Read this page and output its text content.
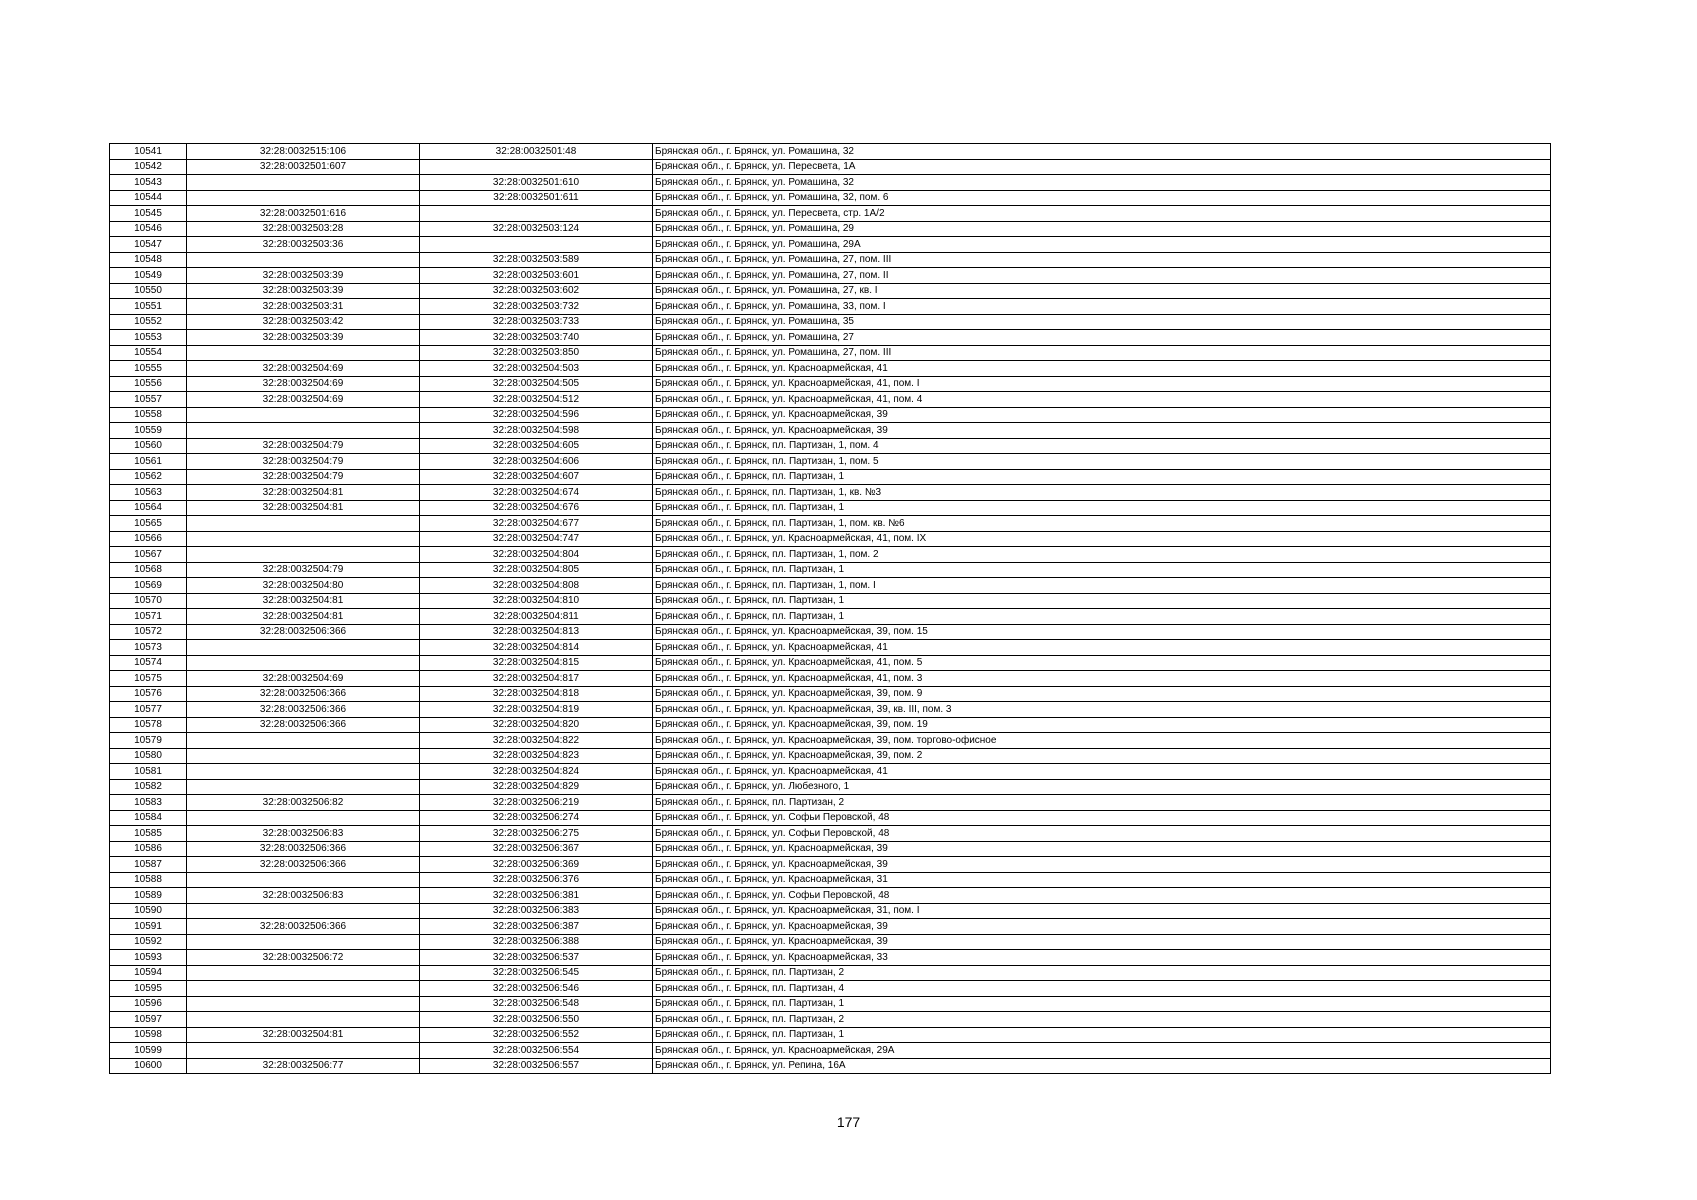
10541	32:28:0032515:106	32:28:0032501:48	Брянская обл., г. Брянск, ул. Ромашина, 32
10542	32:28:0032501:607		Брянская обл., г. Брянск, ул. Пересвета, 1А
10543		32:28:0032501:610	Брянская обл., г. Брянск, ул. Ромашина, 32
10544		32:28:0032501:611	Брянская обл., г. Брянск, ул. Ромашина, 32, пом. 6
10545	32:28:0032501:616		Брянская обл., г. Брянск, ул. Пересвета, стр. 1А/2
10546	32:28:0032503:28	32:28:0032503:124	Брянская обл., г. Брянск, ул. Ромашина, 29
10547	32:28:0032503:36		Брянская обл., г. Брянск, ул. Ромашина, 29А
10548		32:28:0032503:589	Брянская обл., г. Брянск, ул. Ромашина, 27, пом. III
10549	32:28:0032503:39	32:28:0032503:601	Брянская обл., г. Брянск, ул. Ромашина, 27, пом. II
10550	32:28:0032503:39	32:28:0032503:602	Брянская обл., г. Брянск, ул. Ромашина, 27, кв. I
10551	32:28:0032503:31	32:28:0032503:732	Брянская обл., г. Брянск, ул. Ромашина, 33, пом. I
10552	32:28:0032503:42	32:28:0032503:733	Брянская обл., г. Брянск, ул. Ромашина, 35
10553	32:28:0032503:39	32:28:0032503:740	Брянская обл., г. Брянск, ул. Ромашина, 27
10554		32:28:0032503:850	Брянская обл., г. Брянск, ул. Ромашина, 27, пом. III
10555	32:28:0032504:69	32:28:0032504:503	Брянская обл., г. Брянск, ул. Красноармейская, 41
10556	32:28:0032504:69	32:28:0032504:505	Брянская обл., г. Брянск, ул. Красноармейская, 41, пом. I
10557	32:28:0032504:69	32:28:0032504:512	Брянская обл., г. Брянск, ул. Красноармейская, 41, пом. 4
10558		32:28:0032504:596	Брянская обл., г. Брянск, ул. Красноармейская, 39
10559		32:28:0032504:598	Брянская обл., г. Брянск, ул. Красноармейская, 39
10560	32:28:0032504:79	32:28:0032504:605	Брянская обл., г. Брянск, пл. Партизан, 1, пом. 4
10561	32:28:0032504:79	32:28:0032504:606	Брянская обл., г. Брянск, пл. Партизан, 1, пом. 5
10562	32:28:0032504:79	32:28:0032504:607	Брянская обл., г. Брянск, пл. Партизан, 1
10563	32:28:0032504:81	32:28:0032504:674	Брянская обл., г. Брянск, пл. Партизан, 1, кв. №3
10564	32:28:0032504:81	32:28:0032504:676	Брянская обл., г. Брянск, пл. Партизан, 1
10565		32:28:0032504:677	Брянская обл., г. Брянск, пл. Партизан, 1, пом. кв. №6
10566		32:28:0032504:747	Брянская обл., г. Брянск, ул. Красноармейская, 41, пом. IX
10567		32:28:0032504:804	Брянская обл., г. Брянск, пл. Партизан, 1, пом. 2
10568	32:28:0032504:79	32:28:0032504:805	Брянская обл., г. Брянск, пл. Партизан, 1
10569	32:28:0032504:80	32:28:0032504:808	Брянская обл., г. Брянск, пл. Партизан, 1, пом. I
10570	32:28:0032504:81	32:28:0032504:810	Брянская обл., г. Брянск, пл. Партизан, 1
10571	32:28:0032504:81	32:28:0032504:811	Брянская обл., г. Брянск, пл. Партизан, 1
10572	32:28:0032506:366	32:28:0032504:813	Брянская обл., г. Брянск, ул. Красноармейская, 39, пом. 15
10573		32:28:0032504:814	Брянская обл., г. Брянск, ул. Красноармейская, 41
10574		32:28:0032504:815	Брянская обл., г. Брянск, ул. Красноармейская, 41, пом. 5
10575	32:28:0032504:69	32:28:0032504:817	Брянская обл., г. Брянск, ул. Красноармейская, 41, пом. 3
10576	32:28:0032506:366	32:28:0032504:818	Брянская обл., г. Брянск, ул. Красноармейская, 39, пом. 9
10577	32:28:0032506:366	32:28:0032504:819	Брянская обл., г. Брянск, ул. Красноармейская, 39, кв. III, пом. 3
10578	32:28:0032506:366	32:28:0032504:820	Брянская обл., г. Брянск, ул. Красноармейская, 39, пом. 19
10579		32:28:0032504:822	Брянская обл., г. Брянск, ул. Красноармейская, 39, пом. торгово-офисное
10580		32:28:0032504:823	Брянская обл., г. Брянск, ул. Красноармейская, 39, пом. 2
10581		32:28:0032504:824	Брянская обл., г. Брянск, ул. Красноармейская, 41
10582		32:28:0032504:829	Брянская обл., г. Брянск, ул. Любезного, 1
10583	32:28:0032506:82	32:28:0032506:219	Брянская обл., г. Брянск, пл. Партизан, 2
10584		32:28:0032506:274	Брянская обл., г. Брянск, ул. Софьи Перовской, 48
10585	32:28:0032506:83	32:28:0032506:275	Брянская обл., г. Брянск, ул. Софьи Перовской, 48
10586	32:28:0032506:366	32:28:0032506:367	Брянская обл., г. Брянск, ул. Красноармейская, 39
10587	32:28:0032506:366	32:28:0032506:369	Брянская обл., г. Брянск, ул. Красноармейская, 39
10588		32:28:0032506:376	Брянская обл., г. Брянск, ул. Красноармейская, 31
10589	32:28:0032506:83	32:28:0032506:381	Брянская обл., г. Брянск, ул. Софьи Перовской, 48
10590		32:28:0032506:383	Брянская обл., г. Брянск, ул. Красноармейская, 31, пом. I
10591	32:28:0032506:366	32:28:0032506:387	Брянская обл., г. Брянск, ул. Красноармейская, 39
10592		32:28:0032506:388	Брянская обл., г. Брянск, ул. Красноармейская, 39
10593	32:28:0032506:72	32:28:0032506:537	Брянская обл., г. Брянск, ул. Красноармейская, 33
10594		32:28:0032506:545	Брянская обл., г. Брянск, пл. Партизан, 2
10595		32:28:0032506:546	Брянская обл., г. Брянск, пл. Партизан, 4
10596		32:28:0032506:548	Брянская обл., г. Брянск, пл. Партизан, 1
10597		32:28:0032506:550	Брянская обл., г. Брянск, пл. Партизан, 2
10598	32:28:0032504:81	32:28:0032506:552	Брянская обл., г. Брянск, пл. Партизан, 1
10599		32:28:0032506:554	Брянская обл., г. Брянск, ул. Красноармейская, 29А
10600	32:28:0032506:77	32:28:0032506:557	Брянская обл., г. Брянск, ул. Репина, 16А
177
